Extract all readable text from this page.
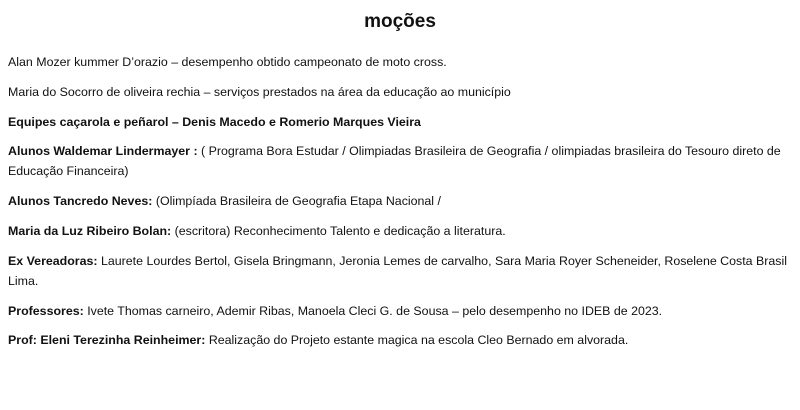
moções

Alan Mozer kummer D’orazio – desempenho obtido campeonato de moto cross.

Maria do Socorro de oliveira rechia – serviços prestados na área da educação ao município

Equipes caçarola e peñarol – Denis Macedo e Romerio Marques Vieira

Alunos Waldemar Lindermayer : ( Programa Bora Estudar / Olimpiadas Brasileira de Geografia / olimpiadas brasileira do Tesouro direto de Educação Financeira)

Alunos Tancredo Neves: (Olimpíada Brasileira de Geografia Etapa Nacional /

Maria da Luz Ribeiro Bolan: (escritora) Reconhecimento Talento e dedicação a literatura.

Ex Vereadoras: Laurete Lourdes Bertol, Gisela Bringmann, Jeronia Lemes de carvalho, Sara Maria Royer Scheneider, Roselene Costa Brasil Lima.

Professores: Ivete Thomas carneiro, Ademir Ribas, Manoela Cleci G. de Sousa – pelo desempenho no IDEB de 2023.

Prof: Eleni Terezinha Reinheimer: Realização do Projeto estante magica na escola Cleo Bernado em alvorada.
